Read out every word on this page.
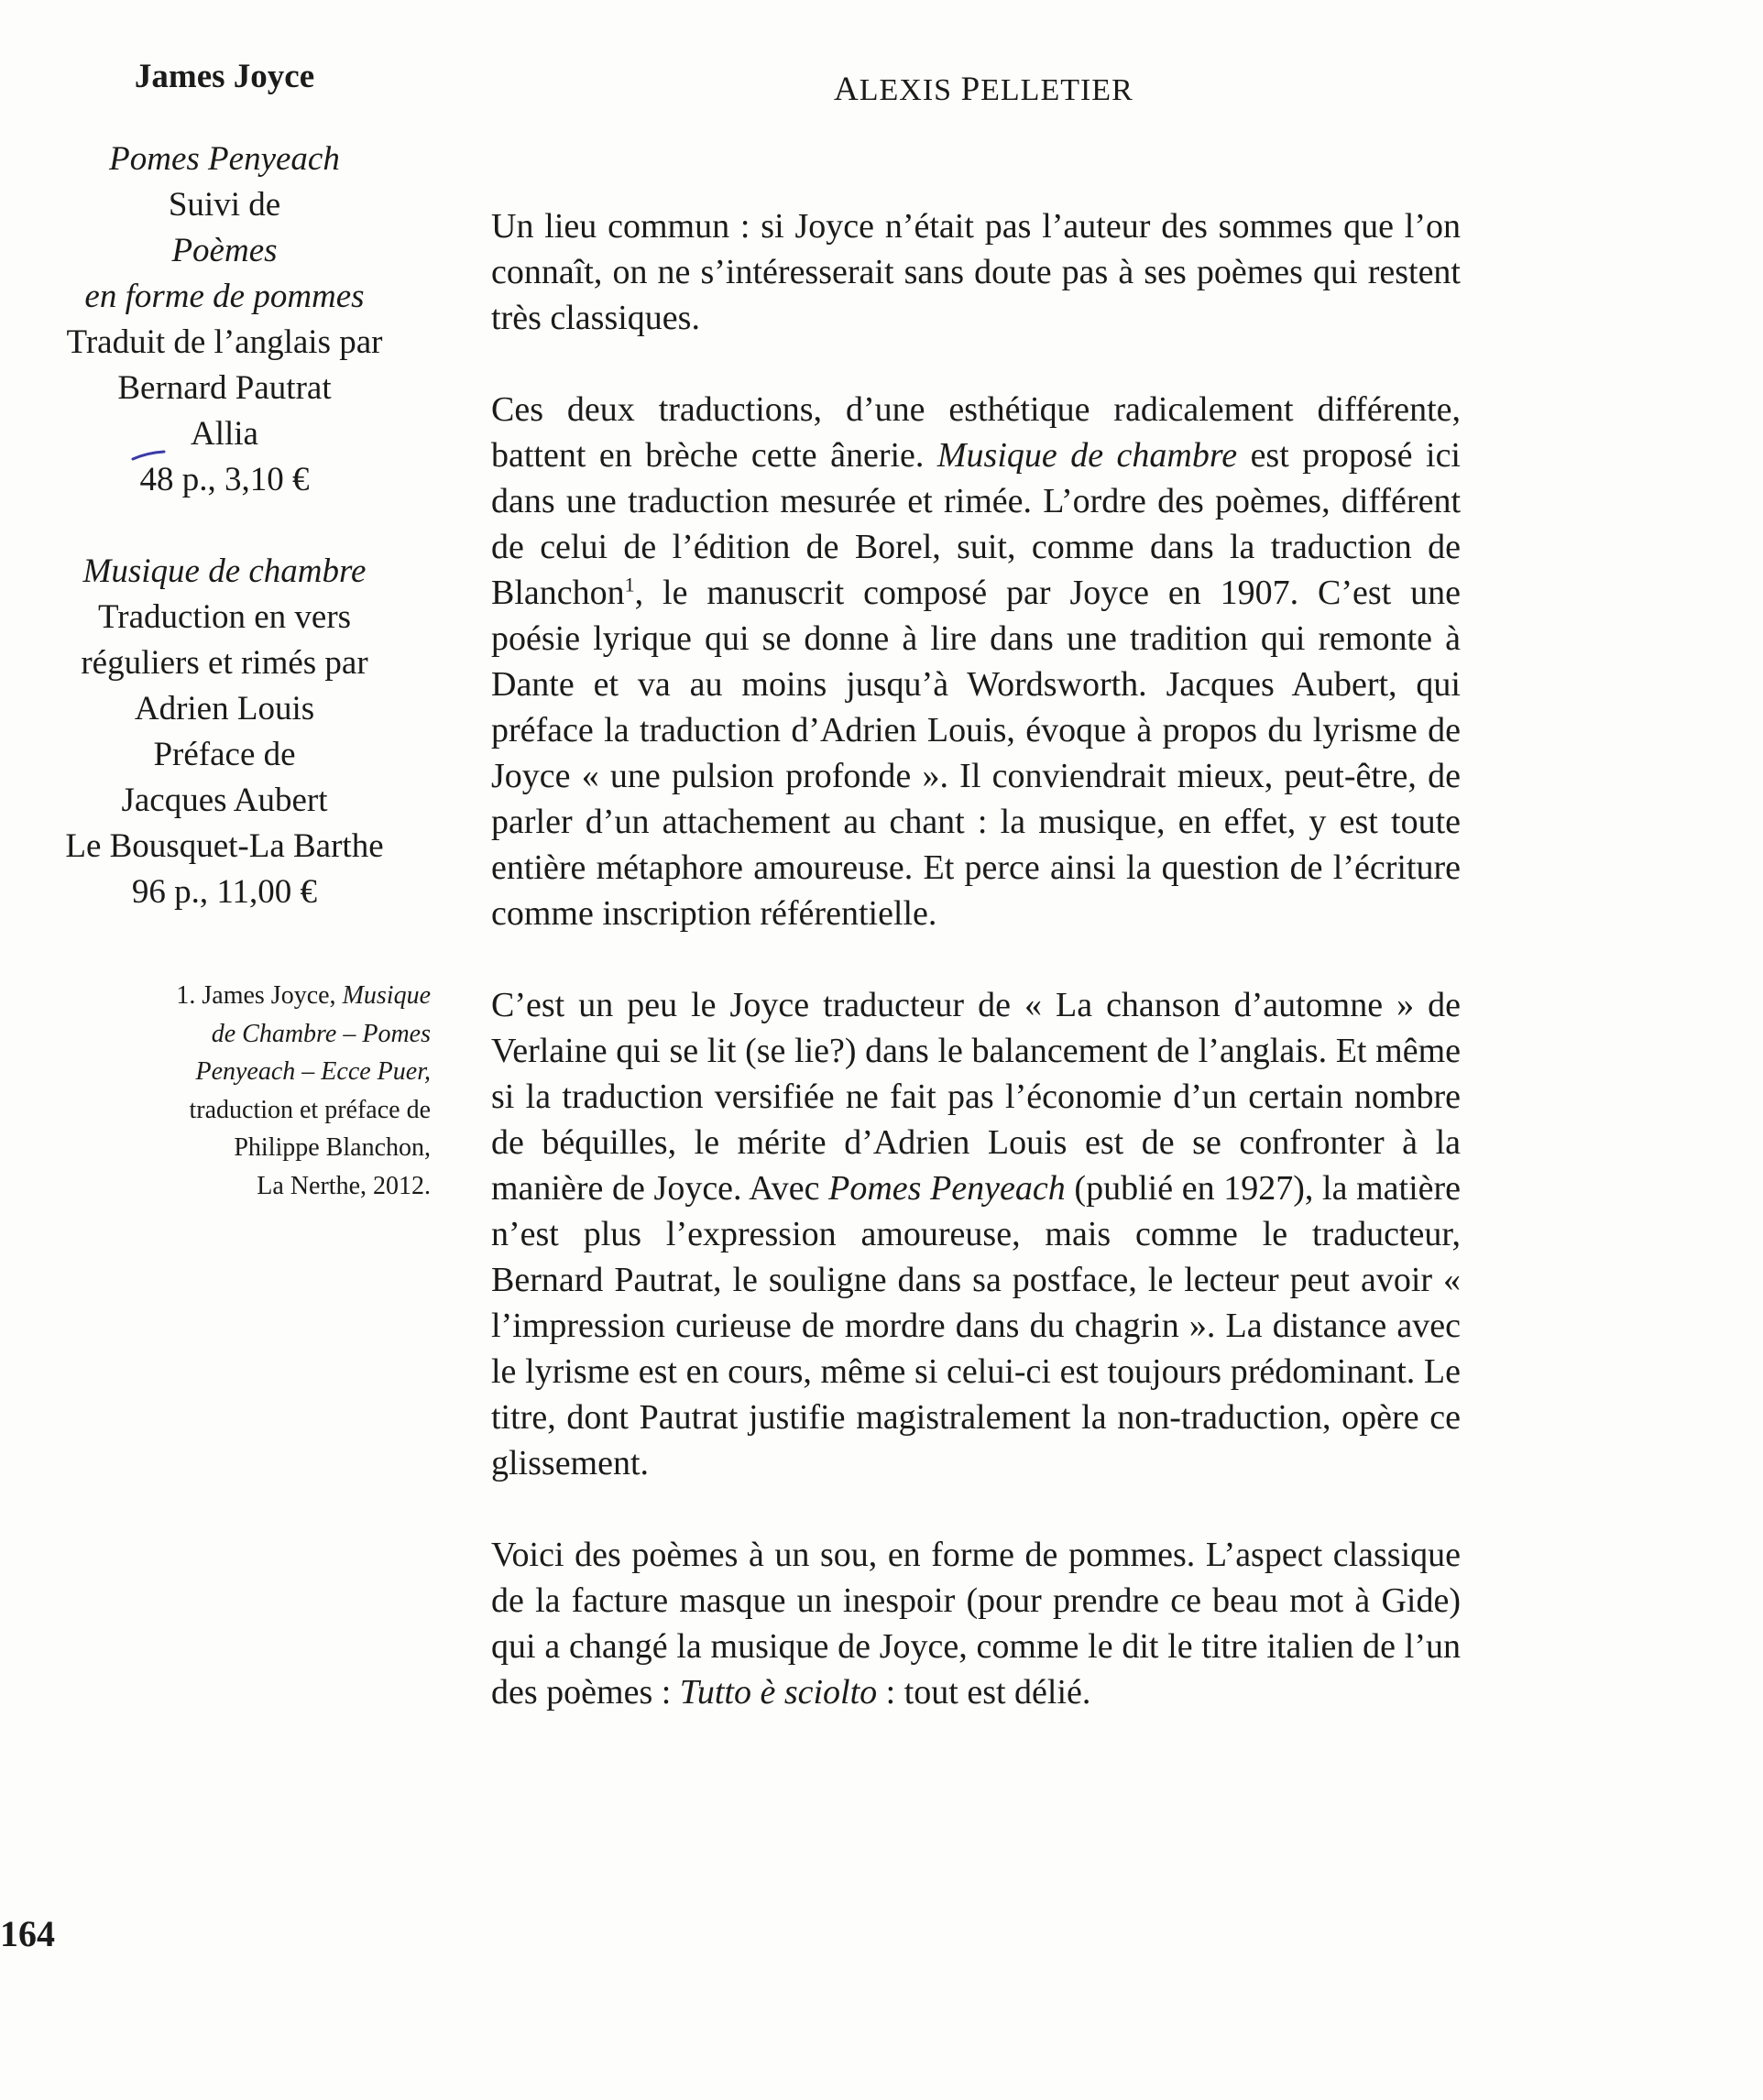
James Joyce
Pomes Penyeach
Suivi de
Poèmes
en forme de pommes
Traduit de l’anglais par
Bernard Pautrat
Allia
48 p., 3,10 €
Musique de chambre
Traduction en vers
réguliers et rimés par
Adrien Louis
Préface de
Jacques Aubert
Le Bousquet-La Barthe
96 p., 11,00 €
1. James Joyce, Musique
de Chambre – Pomes
Penyeach – Ecce Puer,
traduction et préface de
Philippe Blanchon,
La Nerthe, 2012.
164
ALEXIS PELLETIER

Un lieu commun : si Joyce n’était pas l’auteur des sommes que l’on connaît, on ne s’intéresserait sans doute pas à ses poèmes qui restent très classiques.

Ces deux traductions, d’une esthétique radicalement différente, battent en brèche cette ânerie. Musique de chambre est proposé ici dans une traduction mesurée et rimée. L’ordre des poèmes, différent de celui de l’édition de Borel, suit, comme dans la traduction de Blanchon$^1$, le manuscrit composé par Joyce en 1907. C’est une poésie lyrique qui se donne à lire dans une tradition qui remonte à Dante et va au moins jusqu’à Wordsworth. Jacques Aubert, qui préface la traduction d’Adrien Louis, évoque à propos du lyrisme de Joyce « une pulsion profonde ». Il conviendrait mieux, peut-être, de parler d’un attachement au chant : la musique, en effet, y est toute entière métaphore amoureuse. Et perce ainsi la question de l’écriture comme inscription référentielle.

C’est un peu le Joyce traducteur de « La chanson d’automne » de Verlaine qui se lit (se lie?) dans le balancement de l’anglais. Et même si la traduction versifiée ne fait pas l’économie d’un certain nombre de béquilles, le mérite d’Adrien Louis est de se confronter à la manière de Joyce. Avec Pomes Penyeach (publié en 1927), la matière n’est plus l’expression amoureuse, mais comme le traducteur, Bernard Pautrat, le souligne dans sa postface, le lecteur peut avoir « l’impression curieuse de mordre dans du chagrin ». La distance avec le lyrisme est en cours, même si celui-ci est toujours prédominant. Le titre, dont Pautrat justifie magistralement la non-traduction, opère ce glissement.

Voici des poèmes à un sou, en forme de pommes. L’aspect classique de la facture masque un inespoir (pour prendre ce beau mot à Gide) qui a changé la musique de Joyce, comme le dit le titre italien de l’un des poèmes : Tutto è sciolto : tout est délié.
